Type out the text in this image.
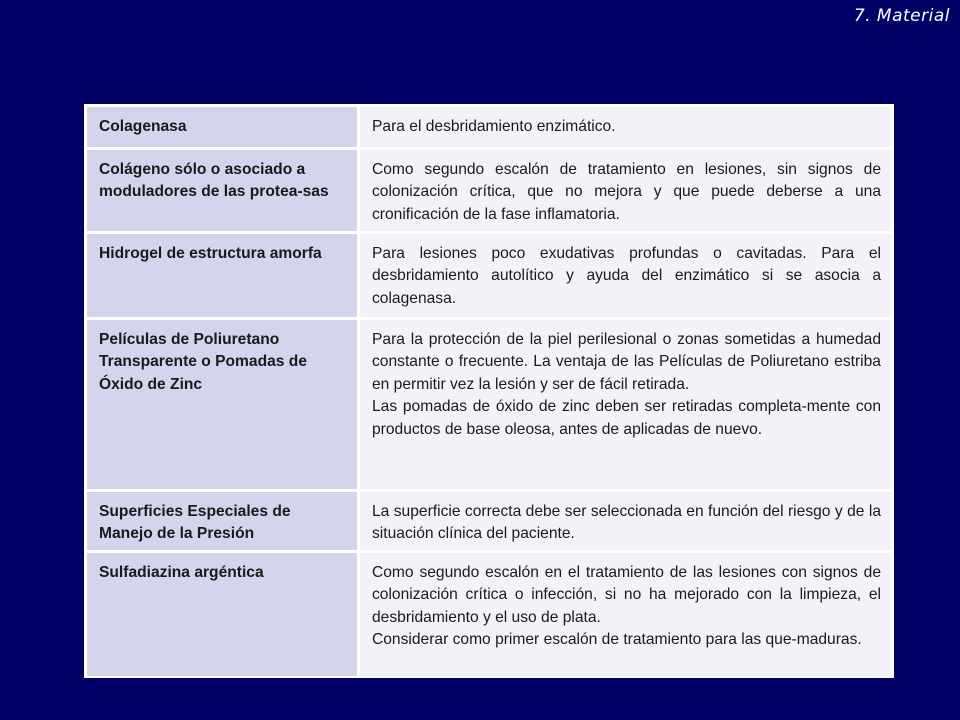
7. Material
Colagenasa	Para el desbridamiento enzimático.

Colágeno sólo o asociado a moduladores de las protea-sas	Como segundo escalón de tratamiento en lesiones, sin signos de colonización crítica, que no mejora y que puede deberse a una cronificación de la fase inflamatoria.

Hidrogel de estructura amorfa	Para lesiones poco exudativas profundas o cavitadas. Para el desbridamiento autolítico y ayuda del enzimático si se asocia a colagenasa.

Películas de Poliuretano Transparente o Pomadas de Óxido de Zinc	Para la protección de la piel perilesional o zonas sometidas a humedad constante o frecuente. La ventaja de las Películas de Poliuretano estriba en permitir vez la lesión y ser de fácil retirada.
Las pomadas de óxido de zinc deben ser retiradas completa-mente con productos de base oleosa, antes de aplicadas de nuevo.

Superficies Especiales de Manejo de la Presión	La superficie correcta debe ser seleccionada en función del riesgo y de la situación clínica del paciente.

Sulfadiazina argéntica	Como segundo escalón en el tratamiento de las lesiones con signos de colonización crítica o infección, si no ha mejorado con la limpieza, el desbridamiento y el uso de plata.
Considerar como primer escalón de tratamiento para las que-maduras.
